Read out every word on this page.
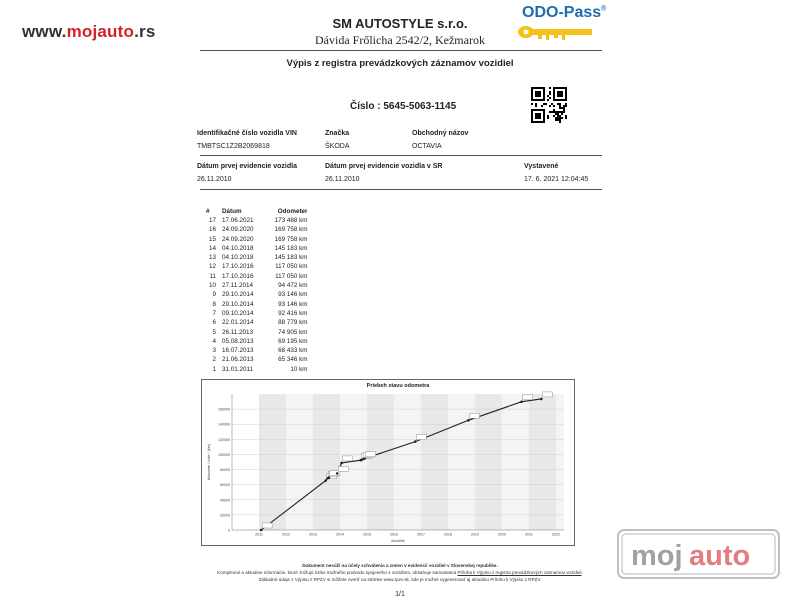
www.mojauto.rs	SM AUTOSTYLE s.r.o.
Dávida Frőlicha 2542/2, Kežmarok
ODO-Pass®
Výpis z registra prevádzkových záznamov vozidiel
Číslo : 5645-5063-1145
Identifikačné číslo vozidla VIN
TMBTSC1Z2B2069818
Značka
ŠKODA
Obchodný názov
OCTAVIA
Dátum prvej evidencie vozidla
26.11.2010
Dátum prvej evidencie vozidla v SR
26.11.2010
Vystavené
17. 6. 2021 12:04:45
#	Dátum	Odometer
17	17.06.2021	173 488 km
16	24.09.2020	169 758 km
15	24.09.2020	169 758 km
14	04.10.2018	145 183 km
13	04.10.2018	145 183 km
12	17.10.2016	117 050 km
11	17.10.2016	117 050 km
10	27.11.2014	94 472 km
9	29.10.2014	93 146 km
8	29.10.2014	93 146 km
7	09.10.2014	92 416 km
6	22.01.2014	88 779 km
5	26.11.2013	74 905 km
4	05.08.2013	69 195 km
3	16.07.2013	68 433 km
2	21.06.2013	65 346 km
1	31.01.2011	10 km
0
20000
40000
60000
80000
100000
120000
140000
160000
2011	2012	2013	2014	2015	2016	2017	2018	2019	2020	2021	2022
Priebeh stavu odometra
obdobie
kilometre / míle / (km)
Dokument nesúží na účely schválenia a zmien v evidencii vozidiel v Slovenskej republike.
Komplexné a aktuálne informácie, ktoré znižujú riziko možného podvodu spojeného s vozidlom, obsahuje samostatná Príloha k Výpisu z registra prevádzkových záznamov vozidiel.
Základné údaje z Výpisu z RPZV si môžete overiť na stránke www.rpzv.sk, kde je možné vygenerovať aj aktuálnu Prílohu k Výpisu z RPZV.
1/1
moj auto
